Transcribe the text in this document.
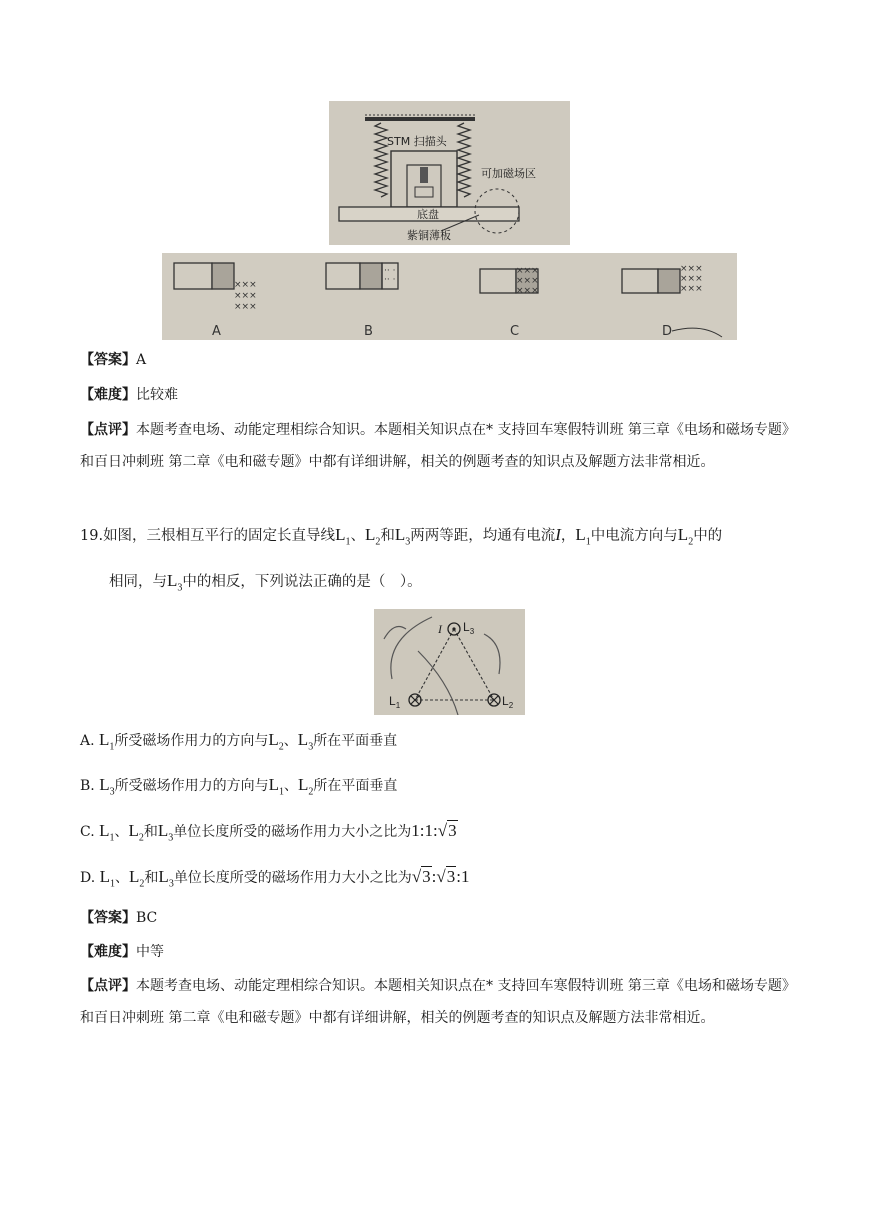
STM 扫描头
可加磁场区
底盘
紫铜薄板
×××
×××
×××
·· ·
·· ·
×××
×××
×××
×××
×××
×××
A	B	C	D
【答案】A
【难度】比较难
【点评】本题考查电场、动能定理相综合知识。本题相关知识点在* 支持回车寒假特训班 第三章《电场和磁场专题》和百日冲刺班 第二章《电和磁专题》中都有详细讲解，相关的例题考查的知识点及解题方法非常相近。
19.如图，三根相互平行的固定长直导线$L_1$、$L_2$和$L_3$两两等距，均通有电流I，$L_1$中电流方向与$L_2$中的
相同，与$L_3$中的相反，下列说法正确的是（　）。
I $L_3$
$L_1$	$L_2$
A. $L_1$所受磁场作用力的方向与$L_2$、$L_3$所在平面垂直
B. $L_3$所受磁场作用力的方向与$L_1$、$L_2$所在平面垂直
C. $L_1$、$L_2$和$L_3$单位长度所受的磁场作用力大小之比为1:1:√3
D. $L_1$、$L_2$和$L_3$单位长度所受的磁场作用力大小之比为√3:√3:1
【答案】BC
【难度】中等
【点评】本题考查电场、动能定理相综合知识。本题相关知识点在* 支持回车寒假特训班 第三章《电场和磁场专题》和百日冲刺班 第二章《电和磁专题》中都有详细讲解，相关的例题考查的知识点及解题方法非常相近。
